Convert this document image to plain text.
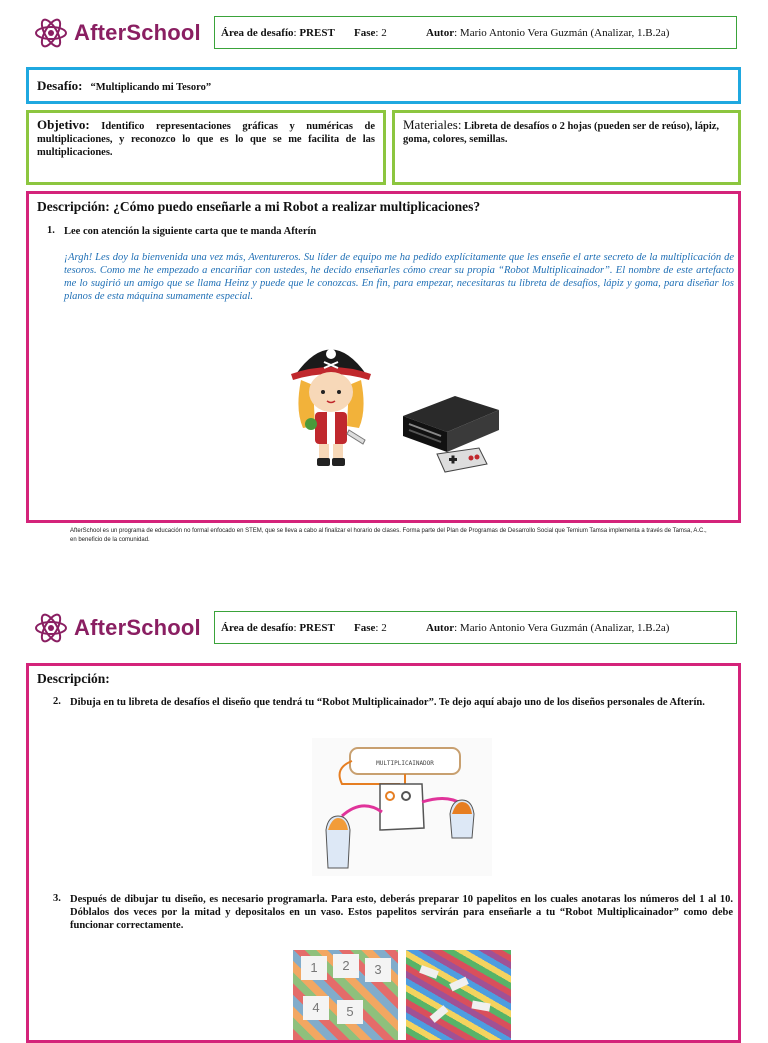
AfterSchool Área de desafío: PREST	Fase: 2	Autor: Mario Antonio Vera Guzmán (Analizar, 1.B.2a)
Desafío: “Multiplicando mi Tesoro”
Objetivo: Identifico representaciones gráficas y numéricas de multiplicaciones, y reconozco lo que es lo que se me facilita de las multiplicaciones.
Materiales: Libreta de desafíos o 2 hojas (pueden ser de reúso), lápiz, goma, colores, semillas.
Descripción: ¿Cómo puedo enseñarle a mi Robot a realizar multiplicaciones?
1. Lee con atención la siguiente carta que te manda Afterín
¡Argh! Les doy la bienvenida una vez más, Aventureros. Su líder de equipo me ha pedido explícitamente que les enseñe el arte secreto de la multiplicación de tesoros. Como me he empezado a encariñar con ustedes, he decido enseñarles cómo crear su propia “Robot Multiplicainador”. El nombre de este artefacto me lo sugirió un amigo que se llama Heinz y puede que le conozcas. En fin, para empezar, necesitaras tu libreta de desafíos, lápiz y goma, para diseñar los planos de esta máquina sumamente especial.
AfterSchool es un programa de educación no formal enfocado en STEM, que se lleva a cabo al finalizar el horario de clases. Forma parte del Plan de Programas de Desarrollo Social que Ternium Tamsa implementa a través de Tamsa, A.C., en beneficio de la comunidad.
AfterSchool Área de desafío: PREST	Fase: 2	Autor: Mario Antonio Vera Guzmán (Analizar, 1.B.2a)
Descripción:
2. Dibuja en tu libreta de desafíos el diseño que tendrá tu “Robot Multiplicainador”. Te dejo aquí abajo uno de los diseños personales de Afterín.
MULTIPLICAINADOR
3. Después de dibujar tu diseño, es necesario programarla. Para esto, deberás preparar 10 papelitos en los cuales anotaras los números del 1 al 10. Dóblalos dos veces por la mitad y depositalos en un vaso. Estos papelitos servirán para enseñarle a tu “Robot Multiplicainador” como debe funcionar correctamente.
1	2	3
4	5
